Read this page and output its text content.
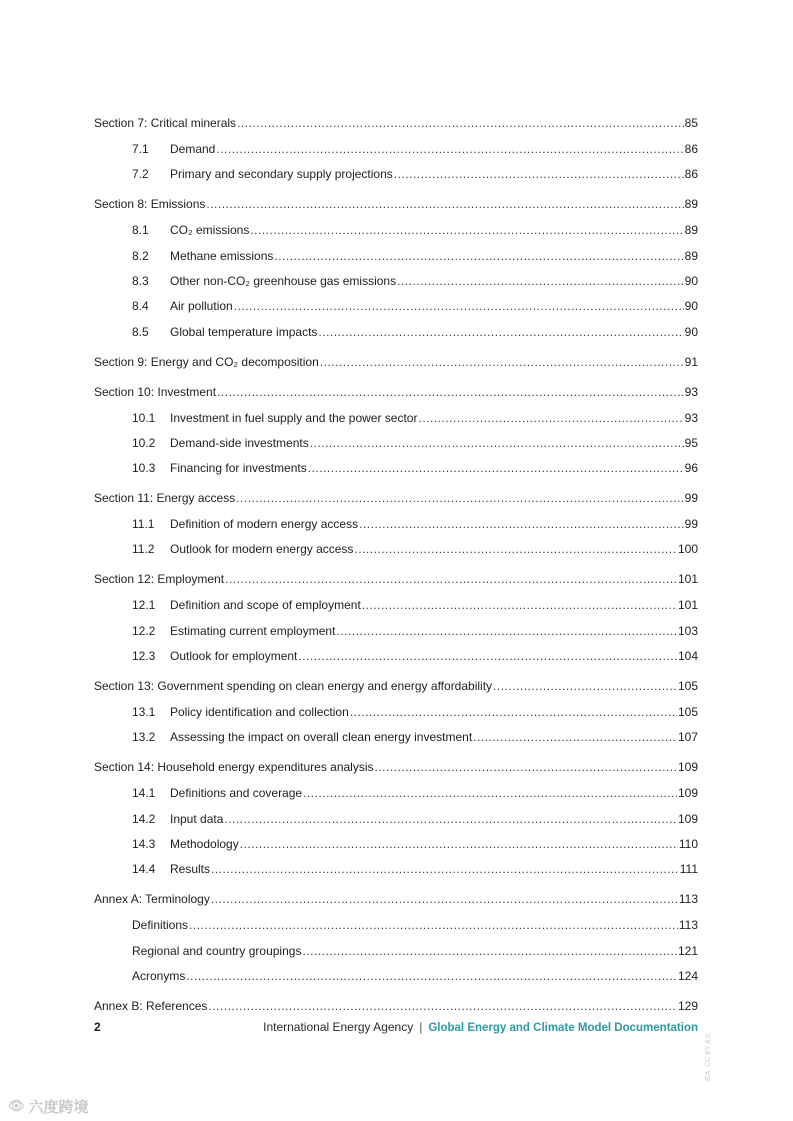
Section 7: Critical minerals .....	85
7.1	Demand .....	86
7.2	Primary and secondary supply projections .....	86
Section 8: Emissions .....	89
8.1	CO₂ emissions .....	89
8.2	Methane emissions .....	89
8.3	Other non-CO₂ greenhouse gas emissions .....	90
8.4	Air pollution .....	90
8.5	Global temperature impacts .....	90
Section 9: Energy and CO₂ decomposition .....	91
Section 10: Investment .....	93
10.1	Investment in fuel supply and the power sector .....	93
10.2	Demand-side investments .....	95
10.3	Financing for investments .....	96
Section 11: Energy access .....	99
11.1	Definition of modern energy access .....	99
11.2	Outlook for modern energy access .....	100
Section 12: Employment .....	101
12.1	Definition and scope of employment .....	101
12.2	Estimating current employment .....	103
12.3	Outlook for employment .....	104
Section 13: Government spending on clean energy and energy affordability .....	105
13.1	Policy identification and collection .....	105
13.2	Assessing the impact on overall clean energy investment .....	107
Section 14: Household energy expenditures analysis .....	109
14.1	Definitions and coverage .....	109
14.2	Input data .....	109
14.3	Methodology .....	110
14.4	Results .....	111
Annex A: Terminology .....	113
Definitions .....	113
Regional and country groupings .....	121
Acronyms .....	124
Annex B: References .....	129
2	International Energy Agency | Global Energy and Climate Model Documentation
IEA. CC BY 4.0.
👁 六度跨境
